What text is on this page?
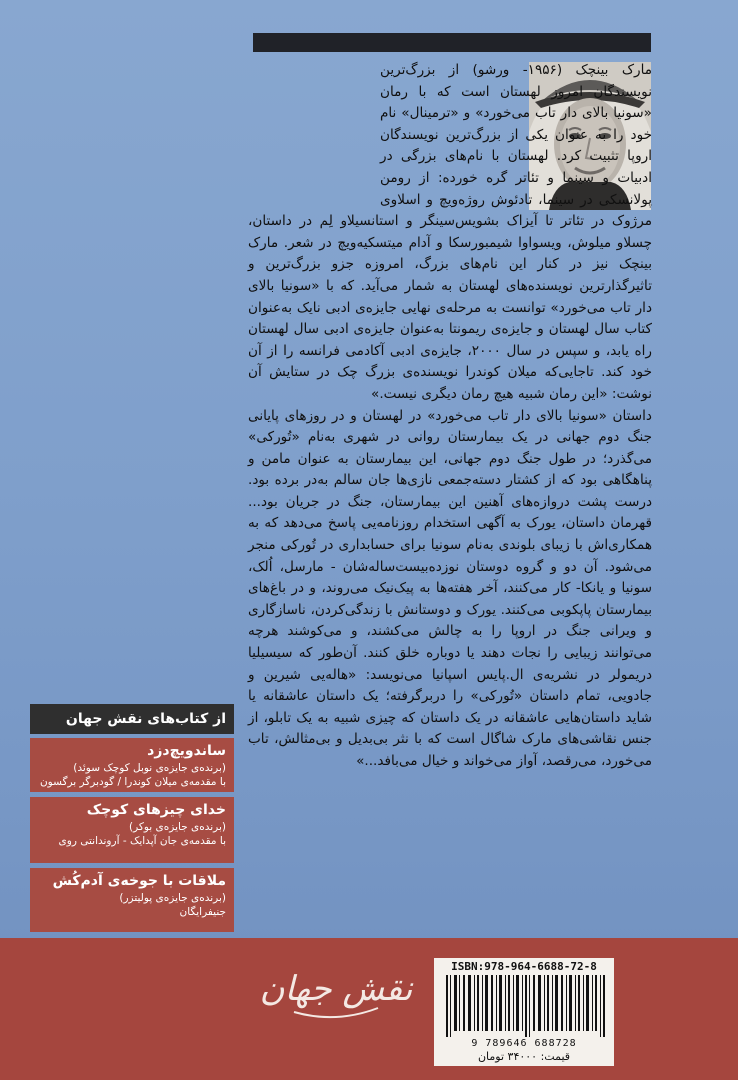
مارک بینچک (۱۹۵۶- ورشو) از بزرگ‌ترین نویسندگان امروز لهستان است که با رمان «سونیا بالای دار تاب می‌خورد» و «ترمینال» نام خود را به عنوان یکی از بزرگ‌ترین نویسندگان اروپا تثبیت کرد. لهستان با نام‌های بزرگی در ادبیات و سینما و تئاتر گره خورده: از رومن پولانسکی در سینما، تادئوش روژه‌ویچ و اسلاوی مرژوک در تئاتر تا آیزاک بشویس‌سینگر و استانسیلاو لِم در داستان، چسلاو میلوش، ویسواوا شیمبورسکا و آدام میتسکیه‌ویچ در شعر. مارک بینچک نیز در کنار این نام‌های بزرگ، امروزه جزو بزرگ‌ترین و تاثیرگذارترین نویسنده‌های لهستان به شمار می‌آید. که با «سونیا بالای دار تاب می‌خورد» توانست به مرحله‌ی نهایی جایزه‌ی ادبی نایک به‌عنوان کتاب سال لهستان و جایزه‌ی ریمونتا به‌عنوان جایزه‌ی ادبی سال لهستان راه یابد، و سپس در سال ۲۰۰۰، جایزه‌ی ادبی آکادمی فرانسه را از آن خود کند. تاجایی‌که میلان کوندرا نویسنده‌ی بزرگ چک در ستایش آن نوشت: «این رمان شبیه هیچ رمان دیگری نیست.»

داستان «سونیا بالای دار تاب می‌خورد» در لهستان و در روزهای پایانی جنگ دوم جهانی در یک بیمارستان روانی در شهری به‌نام «تُورکی» می‌گذرد؛ در طول جنگ دوم جهانی، این بیمارستان به عنوان مامن و پناهگاهی بود که از کشتار دسته‌جمعی نازی‌ها جان سالم به‌در برده بود. درست پشت دروازه‌های آهنین این بیمارستان، جنگ در جریان بود... قهرمان داستان، یورک به آگهی استخدام روزنامه‌یی پاسخ می‌دهد که به همکاری‌اش با زیبای بلوندی به‌نام سونیا برای حسابداری در تُورکی منجر می‌شود. آن دو و گروه دوستان نوزده‌بیست‌ساله‌شان - مارسل، اُلک، سونیا و یانکا- کار می‌کنند، آخر هفته‌ها به پیک‌نیک می‌روند، و در باغ‌های بیمارستان پاپکوبی می‌کنند. یورک و دوستانش با زندگی‌کردن، ناسازگاری و ویرانی جنگ در اروپا را به چالش می‌کشند، و می‌کوشند هرچه می‌توانند زیبایی را نجات دهند یا دوباره خلق کنند. آن‌طور که سیسیلیا دریمولر در نشریه‌ی ال.پایس اسپانیا می‌نویسد: «هاله‌یی شیرین و جادویی، تمام داستان «تُورکی» را دربرگرفته؛ یک داستان عاشقانه یا شاید داستان‌هایی عاشقانه در یک داستان که چیزی شبیه به یک تابلو، از جنس نقاشی‌های مارک شاگال است که با نثر بی‌بدیل و بی‌مثالش، تاب می‌خورد، می‌رقصد، آواز می‌خواند و خیال می‌بافد...»

از کتاب‌های نقش جهان
ساندویچ‌دزد
(برنده‌ی جایزه‌ی نوبل کوچک سوئد)
با مقدمه‌ی میلان کوندرا / گودبرگر برگسون
خدای چیزهای کوچک
(برنده‌ی جایزه‌ی بوکر)
با مقدمه‌ی جان آپدایک - آروندانتی روی
ملاقات با جوخه‌ی آدم‌کُش
(برنده‌ی جایزه‌ی پولیتزر)
جنیفرایگان
نقش جهان
ISBN:978-964-6688-72-8
9 789646 688728
قیمت: ۳۴۰۰۰ تومان
